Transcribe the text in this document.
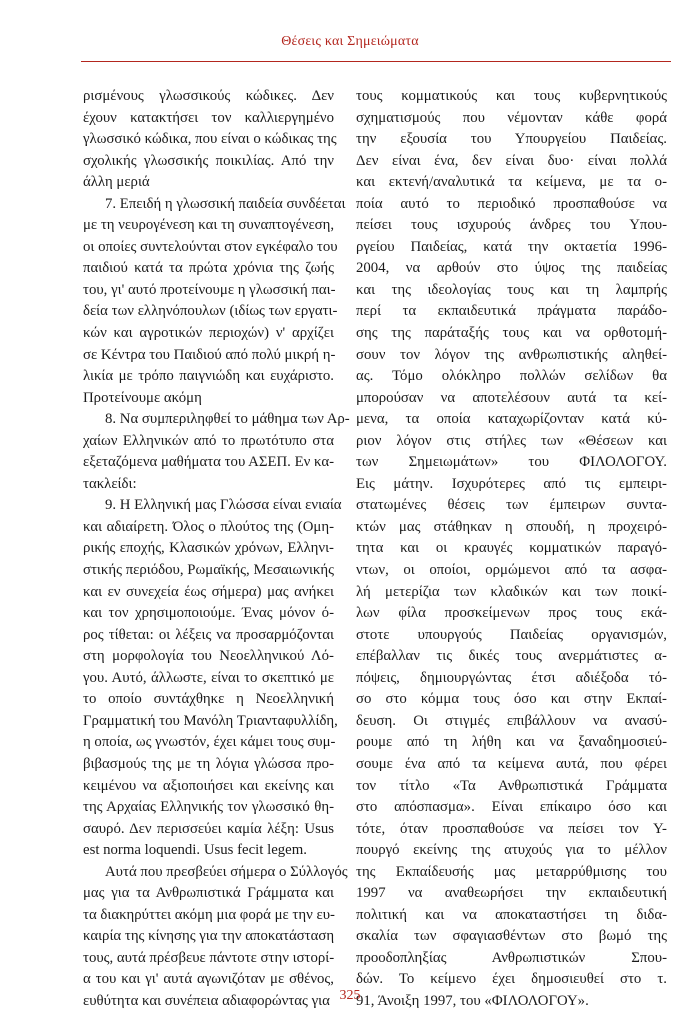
Θέσεις και Σημειώματα
ρισμένους γλωσσικούς κώδικες. Δεν
έχουν κατακτήσει τον καλλιεργημένο
γλωσσικό κώδικα, που είναι ο κώδικας της
σχολικής γλωσσικής ποικιλίας. Από την
άλλη μεριά
7. Επειδή η γλωσσική παιδεία συνδέεται
με τη νευρογένεση και τη συναπτογένεση,
οι οποίες συντελούνται στον εγκέφαλο του
παιδιού κατά τα πρώτα χρόνια της ζωής
του, γι' αυτό προτείνουμε η γλωσσική παι-
δεία των ελληνόπουλων (ιδίως των εργατι-
κών και αγροτικών περιοχών) ν' αρχίζει
σε Κέντρα του Παιδιού από πολύ μικρή η-
λικία με τρόπο παιγνιώδη και ευχάριστο.
Προτείνουμε ακόμη
8. Να συμπεριληφθεί το μάθημα των Αρ-
χαίων Ελληνικών από το πρωτότυπο στα
εξεταζόμενα μαθήματα του ΑΣΕΠ. Εν κα-
τακλείδι:
9. Η Ελληνική μας Γλώσσα είναι ενιαία
και αδιαίρετη. Όλος ο πλούτος της (Ομη-
ρικής εποχής, Κλασικών χρόνων, Ελληνι-
στικής περιόδου, Ρωμαϊκής, Μεσαιωνικής
και εν συνεχεία έως σήμερα) μας ανήκει
και τον χρησιμοποιούμε. Ένας μόνον ό-
ρος τίθεται: οι λέξεις να προσαρμόζονται
στη μορφολογία του Νεοελληνικού Λό-
γου. Αυτό, άλλωστε, είναι το σκεπτικό με
το οποίο συντάχθηκε η Νεοελληνική
Γραμματική του Μανόλη Τριανταφυλλίδη,
η οποία, ως γνωστόν, έχει κάμει τους συμ-
βιβασμούς της με τη λόγια γλώσσα προ-
κειμένου να αξιοποιήσει και εκείνης και
της Αρχαίας Ελληνικής τον γλωσσικό θη-
σαυρό. Δεν περισσεύει καμία λέξη: Usus
est norma loquendi. Usus fecit legem.
Αυτά που πρεσβεύει σήμερα ο Σύλλογός
μας για τα Ανθρωπιστικά Γράμματα και
τα διακηρύττει ακόμη μια φορά με την ευ-
καιρία της κίνησης για την αποκατάσταση
τους, αυτά πρέσβευε πάντοτε στην ιστορί-
α του και γι' αυτά αγωνιζόταν με σθένος,
ευθύτητα και συνέπεια αδιαφορώντας για
τους κομματικούς και τους κυβερνητικούς
σχηματισμούς που νέμονταν κάθε φορά
την εξουσία του Υπουργείου Παιδείας.
Δεν είναι ένα, δεν είναι δυο· είναι πολλά
και εκτενή/αναλυτικά τα κείμενα, με τα ο-
ποία αυτό το περιοδικό προσπαθούσε να
πείσει τους ισχυρούς άνδρες του Υπου-
ργείου Παιδείας, κατά την οκταετία 1996-
2004, να αρθούν στο ύψος της παιδείας
και της ιδεολογίας τους και τη λαμπρής
περί τα εκπαιδευτικά πράγματα παράδο-
σης της παράταξής τους και να ορθοτομή-
σουν τον λόγον της ανθρωπιστικής αληθεί-
ας. Τόμο ολόκληρο πολλών σελίδων θα
μπορούσαν να αποτελέσουν αυτά τα κεί-
μενα, τα οποία καταχωρίζονταν κατά κύ-
ριον λόγον στις στήλες των «Θέσεων και
των Σημειωμάτων» του ΦΙΛΟΛΟΓΟΥ.
Εις μάτην. Ισχυρότερες από τις εμπειρι-
στατωμένες θέσεις των έμπειρων συντα-
κτών μας στάθηκαν η σπουδή, η προχειρό-
τητα και οι κραυγές κομματικών παραγό-
ντων, οι οποίοι, ορμώμενοι από τα ασφα-
λή μετερίζια των κλαδικών και των ποικί-
λων φίλα προσκείμενων προς τους εκά-
στοτε υπουργούς Παιδείας οργανισμών,
επέβαλλαν τις δικές τους ανερμάτιστες α-
πόψεις, δημιουργώντας έτσι αδιέξοδα τό-
σο στο κόμμα τους όσο και στην Εκπαί-
δευση. Οι στιγμές επιβάλλουν να ανασύ-
ρουμε από τη λήθη και να ξαναδημοσιεύ-
σουμε ένα από τα κείμενα αυτά, που φέρει
τον τίτλο «Τα Ανθρωπιστικά Γράμματα
στο απόσπασμα». Είναι επίκαιρο όσο και
τότε, όταν προσπαθούσε να πείσει τον Υ-
πουργό εκείνης της ατυχούς για το μέλλον
της Εκπαίδευσής μας μεταρρύθμισης του
1997 να αναθεωρήσει την εκπαιδευτική
πολιτική και να αποκαταστήσει τη διδα-
σκαλία των σφαγιασθέντων στο βωμό της
προοδοπληξίας Ανθρωπιστικών Σπου-
δών. Το κείμενο έχει δημοσιευθεί στο τ.
91, Άνοιξη 1997, του «ΦΙΛΟΛΟΓΟΥ».
325
